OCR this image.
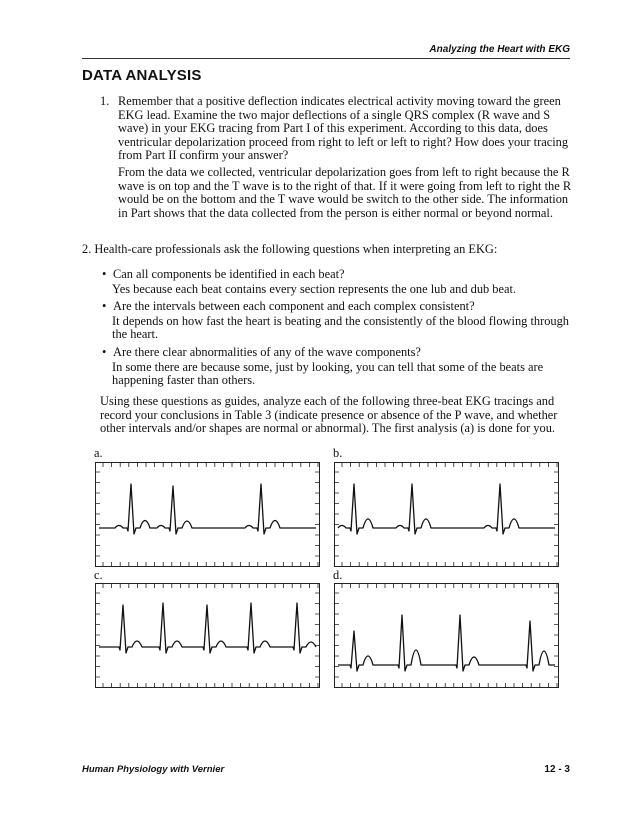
Analyzing the Heart with EKG
DATA ANALYSIS
1. Remember that a positive deflection indicates electrical activity moving toward the green EKG lead. Examine the two major deflections of a single QRS complex (R wave and S wave) in your EKG tracing from Part I of this experiment. According to this data, does ventricular depolarization proceed from right to left or left to right? How does your tracing from Part II confirm your answer?
From the data we collected, ventricular depolarization goes from left to right because the R wave is on top and the T wave is to the right of that. If it were going from left to right the R would be on the bottom and the T wave would be switch to the other side. The information in Part shows that the data collected from the person is either normal or beyond normal.
2. Health-care professionals ask the following questions when interpreting an EKG:
• Can all components be identified in each beat?
Yes because each beat contains every section represents the one lub and dub beat.
• Are the intervals between each component and each complex consistent?
It depends on how fast the heart is beating and the consistently of the blood flowing through the heart.
• Are there clear abnormalities of any of the wave components?
In some there are because some, just by looking, you can tell that some of the beats are happening faster than others.
Using these questions as guides, analyze each of the following three-beat EKG tracings and record your conclusions in Table 3 (indicate presence or absence of the P wave, and whether other intervals and/or shapes are normal or abnormal). The first analysis (a) is done for you.
a.	b.
c.	d.
Human Physiology with Vernier	12 - 3
